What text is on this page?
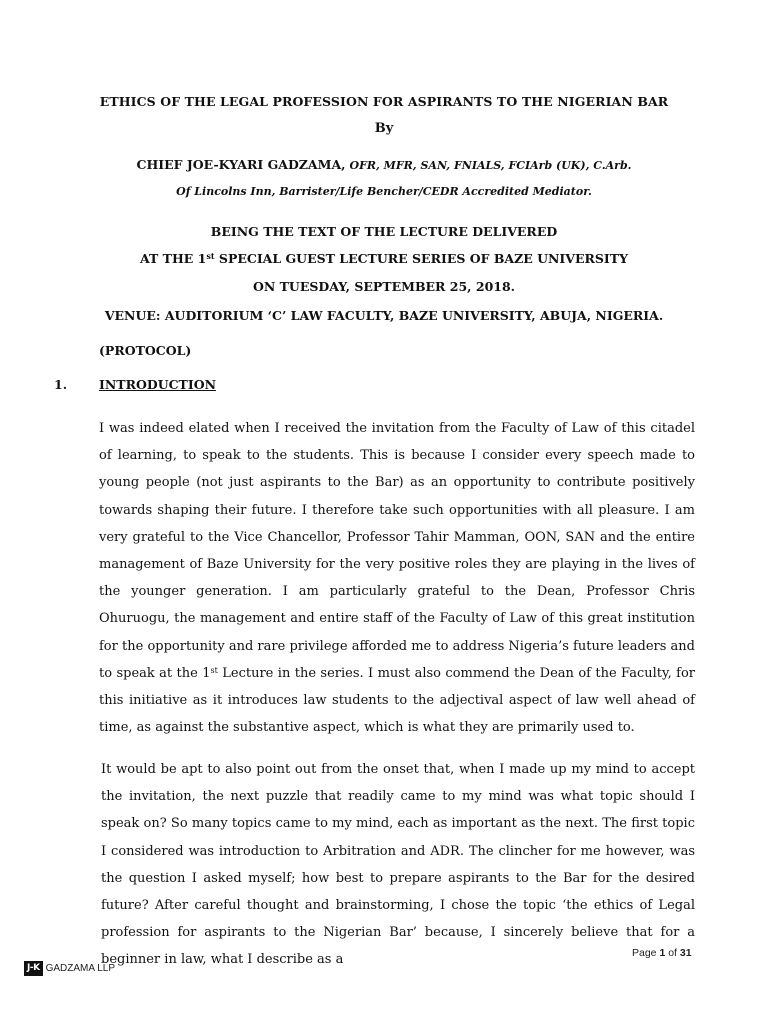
ETHICS OF THE LEGAL PROFESSION FOR ASPIRANTS TO THE NIGERIAN BAR
By
CHIEF JOE-KYARI GADZAMA, OFR, MFR, SAN, FNIALS, FCIArb (UK), C.Arb.
Of Lincolns Inn, Barrister/Life Bencher/CEDR Accredited Mediator.
BEING THE TEXT OF THE LECTURE DELIVERED
AT THE 1st SPECIAL GUEST LECTURE SERIES OF BAZE UNIVERSITY
ON TUESDAY, SEPTEMBER 25, 2018.
VENUE: AUDITORIUM ‘C’ LAW FACULTY, BAZE UNIVERSITY, ABUJA, NIGERIA.
(PROTOCOL)
1.	INTRODUCTION
I was indeed elated when I received the invitation from the Faculty of Law of this citadel of learning, to speak to the students. This is because I consider every speech made to young people (not just aspirants to the Bar) as an opportunity to contribute positively towards shaping their future. I therefore take such opportunities with all pleasure. I am very grateful to the Vice Chancellor, Professor Tahir Mamman, OON, SAN and the entire management of Baze University for the very positive roles they are playing in the lives of the younger generation. I am particularly grateful to the Dean, Professor Chris Ohuruogu, the management and entire staff of the Faculty of Law of this great institution for the opportunity and rare privilege afforded me to address Nigeria’s future leaders and to speak at the 1st Lecture in the series. I must also commend the Dean of the Faculty, for this initiative as it introduces law students to the adjectival aspect of law well ahead of time, as against the substantive aspect, which is what they are primarily used to.
It would be apt to also point out from the onset that, when I made up my mind to accept the invitation, the next puzzle that readily came to my mind was what topic should I speak on? So many topics came to my mind, each as important as the next. The first topic I considered was introduction to Arbitration and ADR. The clincher for me however, was the question I asked myself; how best to prepare aspirants to the Bar for the desired future? After careful thought and brainstorming, I chose the topic ‘the ethics of Legal profession for aspirants to the Nigerian Bar’ because, I sincerely believe that for a beginner in law, what I describe as a
J-K GADZAMA LLP
Page 1 of 31
